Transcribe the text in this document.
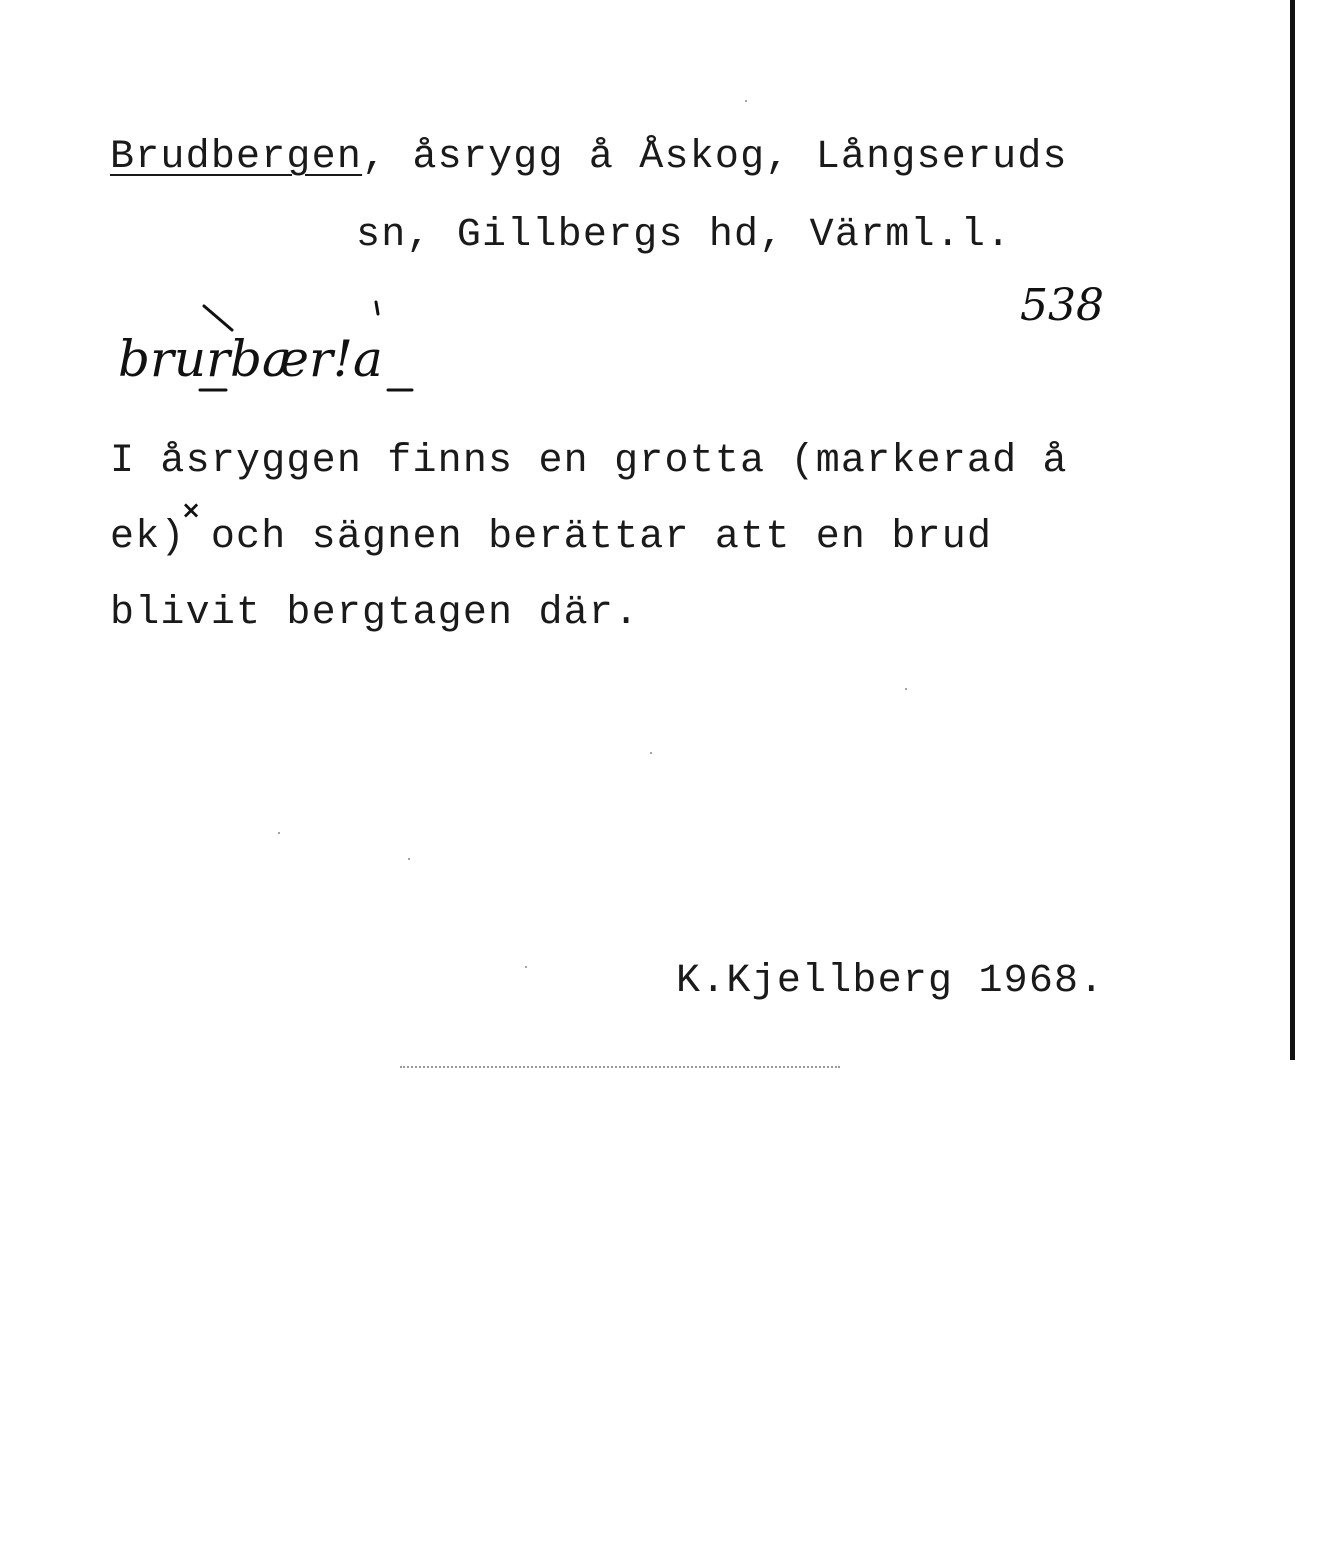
Brudbergen, åsrygg å Åskog, Långseruds
sn, Gillbergs hd, Värml.l.
538
brurbær!a
I åsryggen finns en grotta (markerad å
ek) och sägnen berättar att en brud
×
blivit bergtagen där.
K.Kjellberg 1968.
